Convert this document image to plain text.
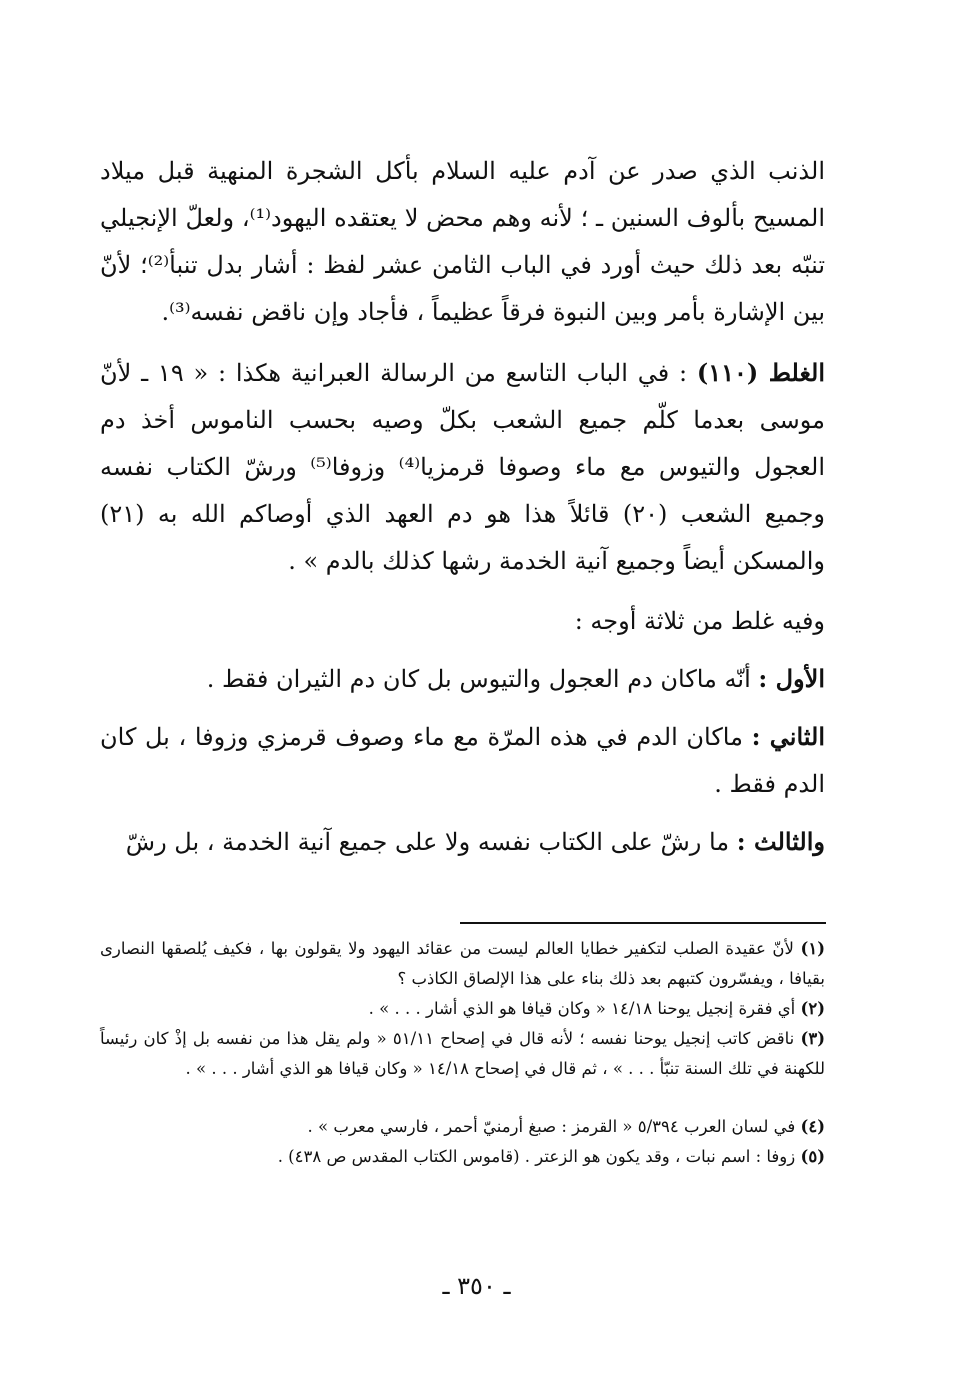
الذنب الذي صدر عن آدم عليه السلام بأكل الشجرة المنهية قبل ميلاد المسيح بألوف السنين ـ ؛ لأنه وهم محض لا يعتقده اليهود⁽¹⁾، ولعلّ الإنجيلي تنبّه بعد ذلك حيث أورد في الباب الثامن عشر لفظ : أشار بدل تنبأ⁽²⁾؛ لأنّ بين الإشارة بأمر وبين النبوة فرقاً عظيماً ، فأجاد وإن ناقض نفسه⁽³⁾.

الغلط (١١٠) : في الباب التاسع من الرسالة العبرانية هكذا : « ١٩ ـ لأنّ موسى بعدما كلّم جميع الشعب بكلّ وصيه بحسب الناموس أخذ دم العجول والتيوس مع ماء وصوفا قرمزيا⁽⁴⁾ وزوفا⁽⁵⁾ ورشّ الكتاب نفسه وجميع الشعب (٢٠) قائلاً هذا هو دم العهد الذي أوصاكم الله به (٢١) والمسكن أيضاً وجميع آنية الخدمة رشها كذلك بالدم » .

وفيه غلط من ثلاثة أوجه :

الأول : أنّه ماكان دم العجول والتيوس بل كان دم الثيران فقط .

الثاني : ماكان الدم في هذه المرّة مع ماء وصوف قرمزي وزوفا ، بل كان الدم فقط .

والثالث : ما رشّ على الكتاب نفسه ولا على جميع آنية الخدمة ، بل رشّ

(١) لأنّ عقيدة الصلب لتكفير خطايا العالم ليست من عقائد اليهود ولا يقولون بها ، فكيف يُلصقها النصارى بقيافا ، ويفسّرون كتبهم بعد ذلك بناء على هذا الإلصاق الكاذب ؟

(٢) أي فقرة إنجيل يوحنا ١٤/١٨ « وكان قيافا هو الذي أشار . . . » .

(٣) ناقض كاتب إنجيل يوحنا نفسه ؛ لأنه قال في إصحاح ٥١/١١ « ولم يقل هذا من نفسه بل إذْ كان رئيساً للكهنة في تلك السنة تنبّأ . . . » ، ثم قال في إصحاح ١٤/١٨ « وكان قيافا هو الذي أشار . . . » .

(٤) في لسان العرب ٥/٣٩٤ « القرمز : صبغ أرمنيّ أحمر ، فارسي معرب » .

(٥) زوفا : اسم نبات ، وقد يكون هو الزعتر . (قاموس الكتاب المقدس ص ٤٣٨) .

ـ ٣٥٠ ـ
